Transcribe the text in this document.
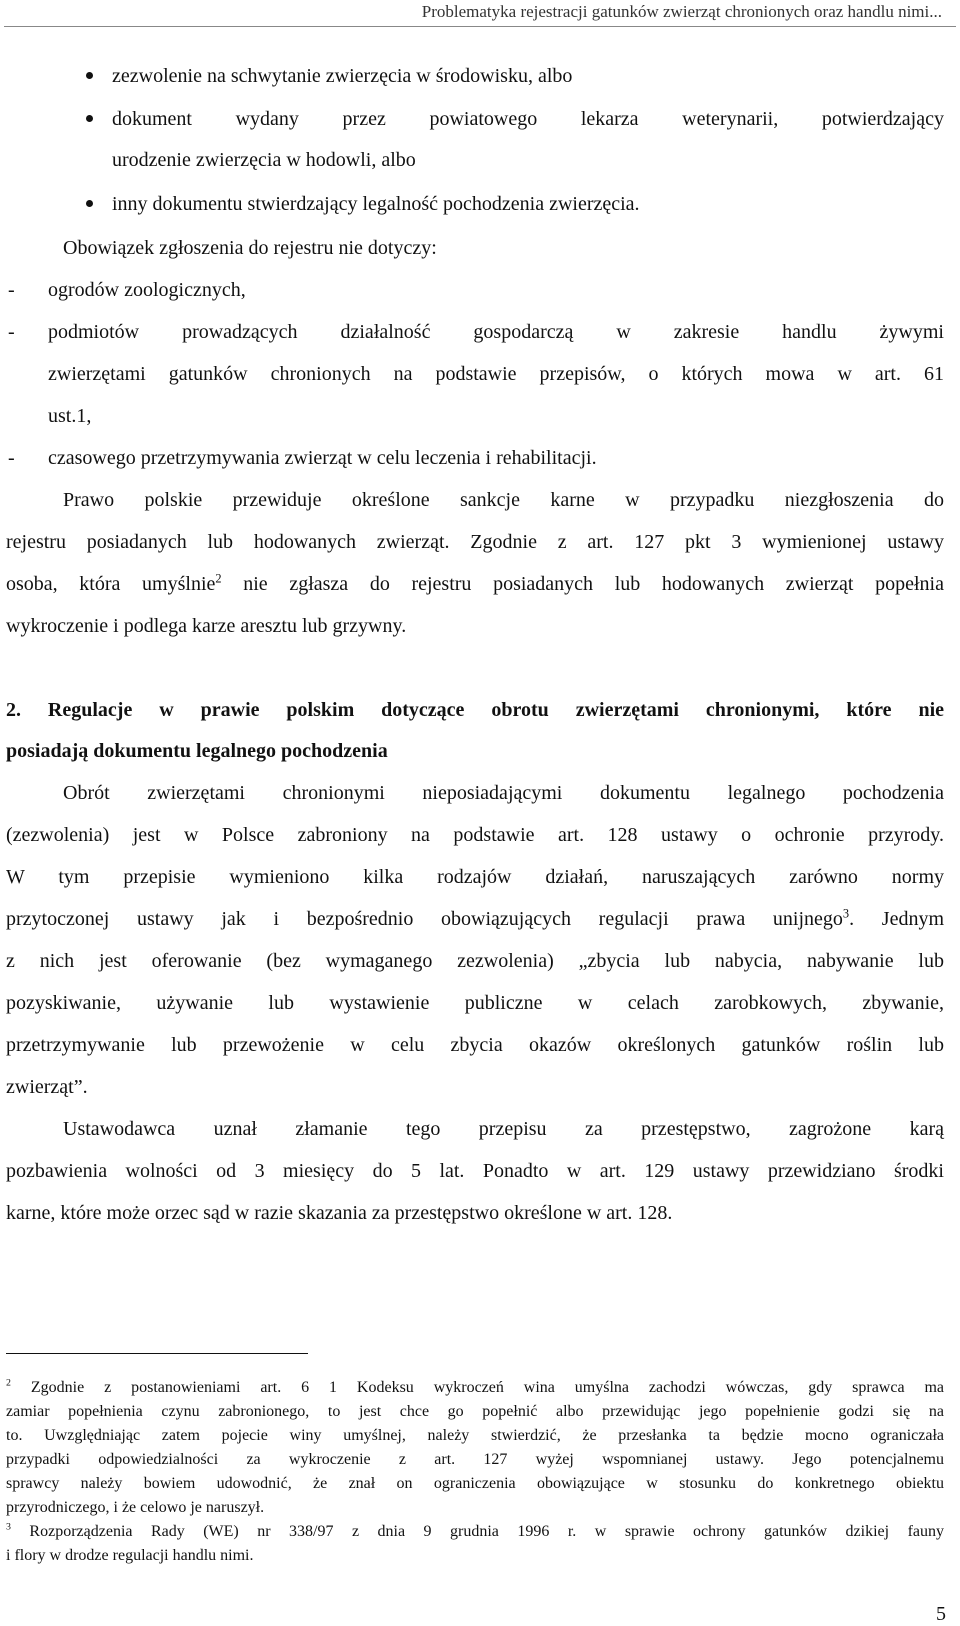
Problematyka rejestracji gatunków zwierząt chronionych oraz handlu nimi...
zezwolenie na schwytanie zwierzęcia w środowisku, albo
dokument wydany przez powiatowego lekarza weterynarii, potwierdzający
urodzenie zwierzęcia w hodowli, albo
inny dokumentu stwierdzający legalność pochodzenia zwierzęcia.
Obowiązek zgłoszenia do rejestru nie dotyczy:
- ogrodów zoologicznych,
- podmiotów prowadzących działalność gospodarczą w zakresie handlu żywymi
zwierzętami gatunków chronionych na podstawie przepisów, o których mowa w art. 61
ust.1,
- czasowego przetrzymywania zwierząt w celu leczenia i rehabilitacji.
Prawo polskie przewiduje określone sankcje karne w przypadku niezgłoszenia do
rejestru posiadanych lub hodowanych zwierząt. Zgodnie z art. 127 pkt 3 wymienionej ustawy
osoba, która umyślnie$^2$ nie zgłasza do rejestru posiadanych lub hodowanych zwierząt popełnia
wykroczenie i podlega karze aresztu lub grzywny.
2. Regulacje w prawie polskim dotyczące obrotu zwierzętami chronionymi, które nie
posiadają dokumentu legalnego pochodzenia
Obrót zwierzętami chronionymi nieposiadającymi dokumentu legalnego pochodzenia
(zezwolenia) jest w Polsce zabroniony na podstawie art. 128 ustawy o ochronie przyrody.
W tym przepisie wymieniono kilka rodzajów działań, naruszających zarówno normy
przytoczonej ustawy jak i bezpośrednio obowiązujących regulacji prawa unijnego$^3$. Jednym
z nich jest oferowanie (bez wymaganego zezwolenia) „zbycia lub nabycia, nabywanie lub
pozyskiwanie, używanie lub wystawienie publiczne w celach zarobkowych, zbywanie,
przetrzymywanie lub przewożenie w celu zbycia okazów określonych gatunków roślin lub
zwierząt”.
Ustawodawca uznał złamanie tego przepisu za przestępstwo, zagrożone karą
pozbawienia wolności od 3 miesięcy do 5 lat. Ponadto w art. 129 ustawy przewidziano środki
karne, które może orzec sąd w razie skazania za przestępstwo określone w art. 128.
$^2$ Zgodnie z postanowieniami art. 6 1 Kodeksu wykroczeń wina umyślna zachodzi wówczas, gdy sprawca ma
zamiar popełnienia czynu zabronionego, to jest chce go popełnić albo przewidując jego popełnienie godzi się na
to. Uwzględniając zatem pojecie winy umyślnej, należy stwierdzić, że przesłanka ta będzie mocno ograniczała
przypadki odpowiedzialności za wykroczenie z art. 127 wyżej wspomnianej ustawy. Jego potencjalnemu
sprawcy należy bowiem udowodnić, że znał on ograniczenia obowiązujące w stosunku do konkretnego obiektu
przyrodniczego, i że celowo je naruszył.
$^3$ Rozporządzenia Rady (WE) nr 338/97 z dnia 9 grudnia 1996 r. w sprawie ochrony gatunków dzikiej fauny
i flory w drodze regulacji handlu nimi.
5
